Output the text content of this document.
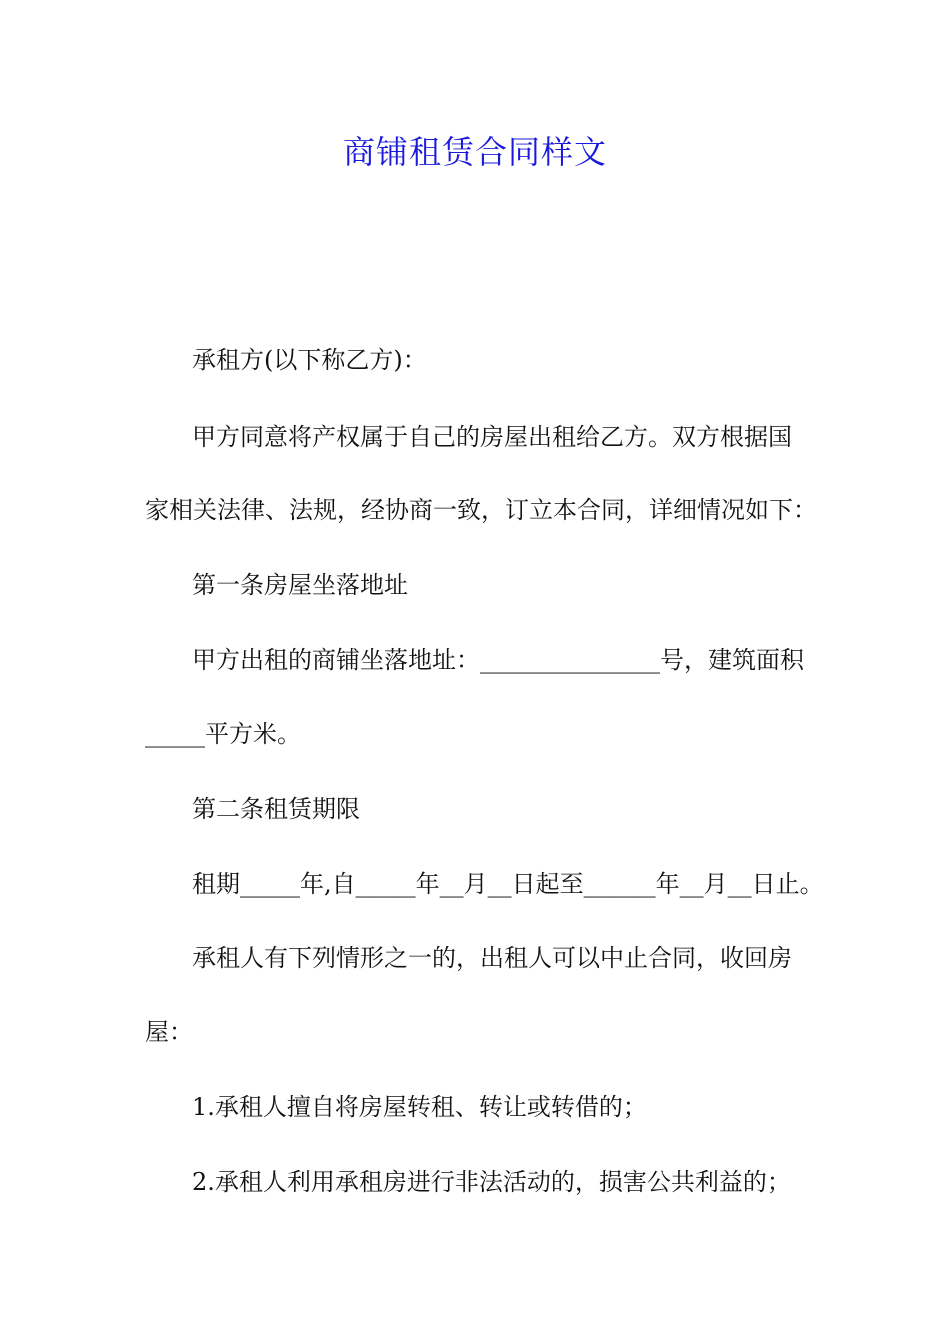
商铺租赁合同样文
承租方(以下称乙方)：
甲方同意将产权属于自己的房屋出租给乙方。双方根据国
家相关法律、法规，经协商一致，订立本合同，详细情况如下：
第一条房屋坐落地址
甲方出租的商铺坐落地址：_______________号，建筑面积
_____平方米。
第二条租赁期限
租期_____年,自_____年__月__日起至______年__月__日止。
承租人有下列情形之一的，出租人可以中止合同，收回房
屋：
1.承租人擅自将房屋转租、转让或转借的；
2.承租人利用承租房进行非法活动的，损害公共利益的；
